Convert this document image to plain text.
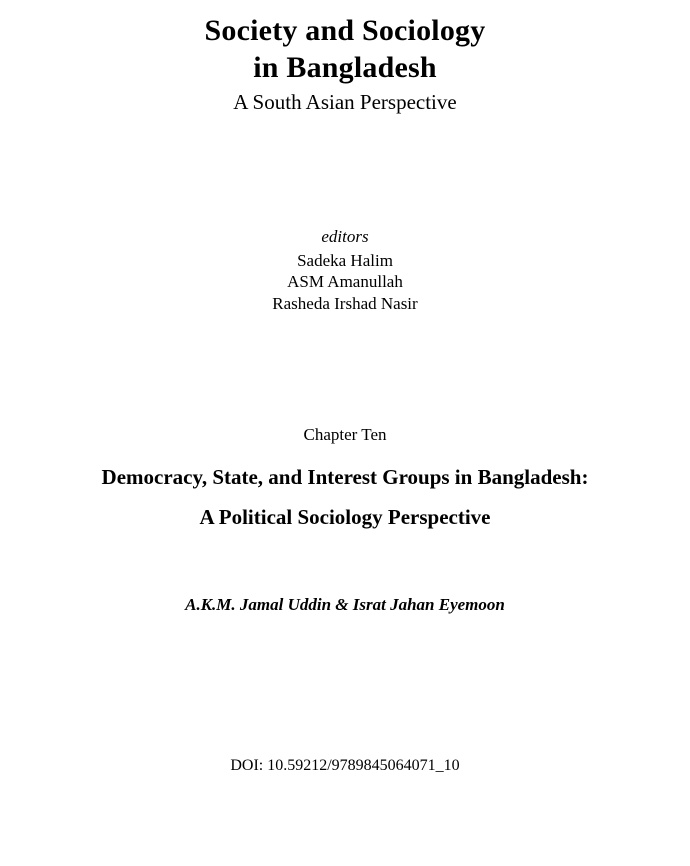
Society and Sociology
in Bangladesh
A South Asian Perspective
editors
Sadeka Halim
ASM Amanullah
Rasheda Irshad Nasir
Chapter Ten
Democracy, State, and Interest Groups in Bangladesh:
A Political Sociology Perspective
A.K.M. Jamal Uddin & Israt Jahan Eyemoon
DOI: 10.59212/9789845064071_10
